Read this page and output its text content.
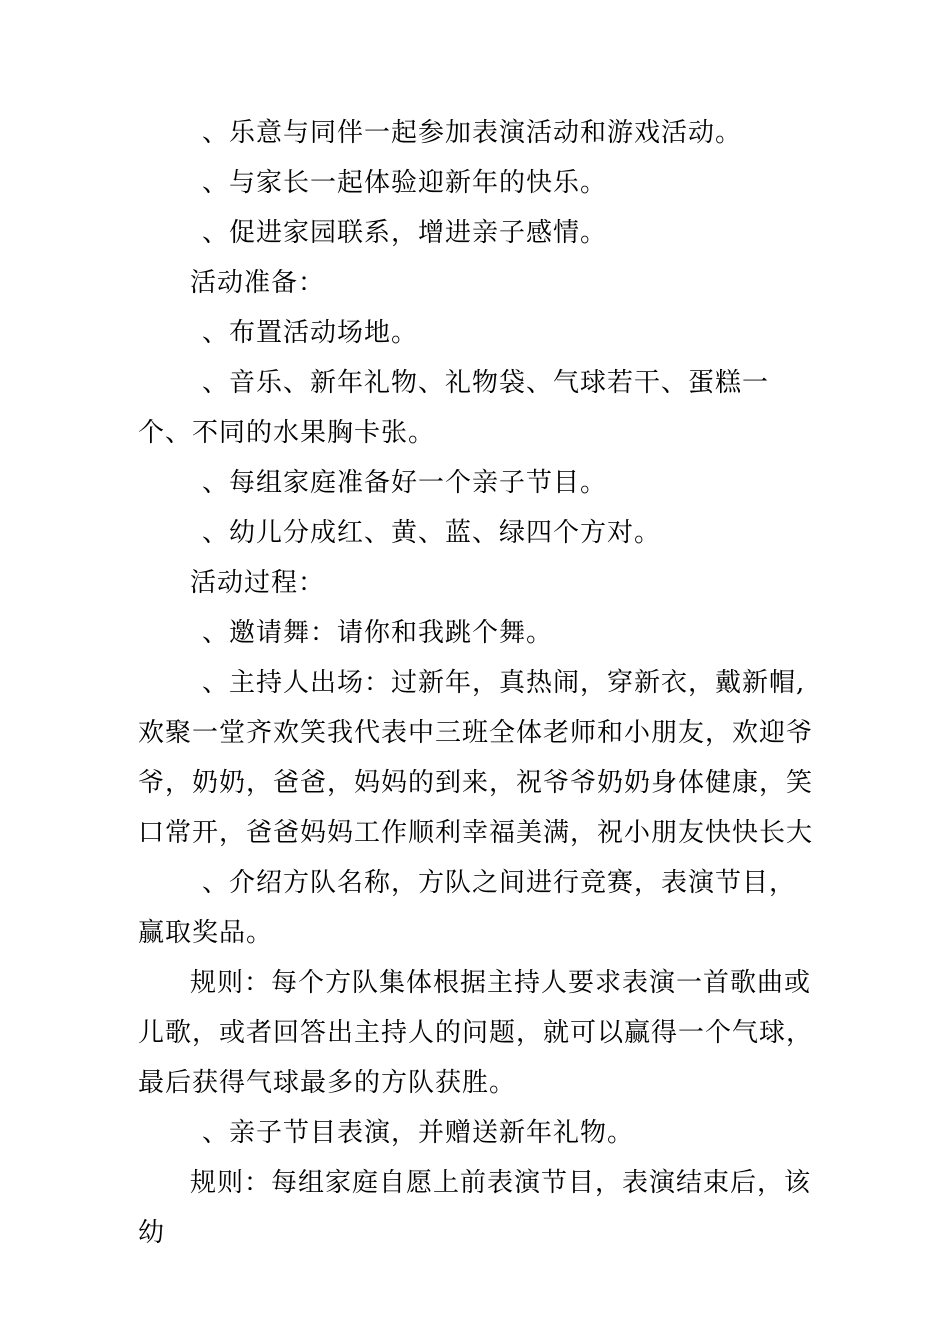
、乐意与同伴一起参加表演活动和游戏活动。

、与家长一起体验迎新年的快乐。

、促进家园联系，增进亲子感情。

活动准备：

、布置活动场地。

、音乐、新年礼物、礼物袋、气球若干、蛋糕一个、不同的水果胸卡张。

、每组家庭准备好一个亲子节目。

、幼儿分成红、黄、蓝、绿四个方对。

活动过程：

、邀请舞：请你和我跳个舞。

、主持人出场：过新年，真热闹，穿新衣，戴新帽,欢聚一堂齐欢笑我代表中三班全体老师和小朋友，欢迎爷爷，奶奶，爸爸，妈妈的到来，祝爷爷奶奶身体健康，笑口常开，爸爸妈妈工作顺利幸福美满，祝小朋友快快长大

、介绍方队名称，方队之间进行竞赛，表演节目，赢取奖品。

规则：每个方队集体根据主持人要求表演一首歌曲或儿歌，或者回答出主持人的问题，就可以赢得一个气球，最后获得气球最多的方队获胜。

、亲子节目表演，并赠送新年礼物。

规则：每组家庭自愿上前表演节目，表演结束后，该幼
